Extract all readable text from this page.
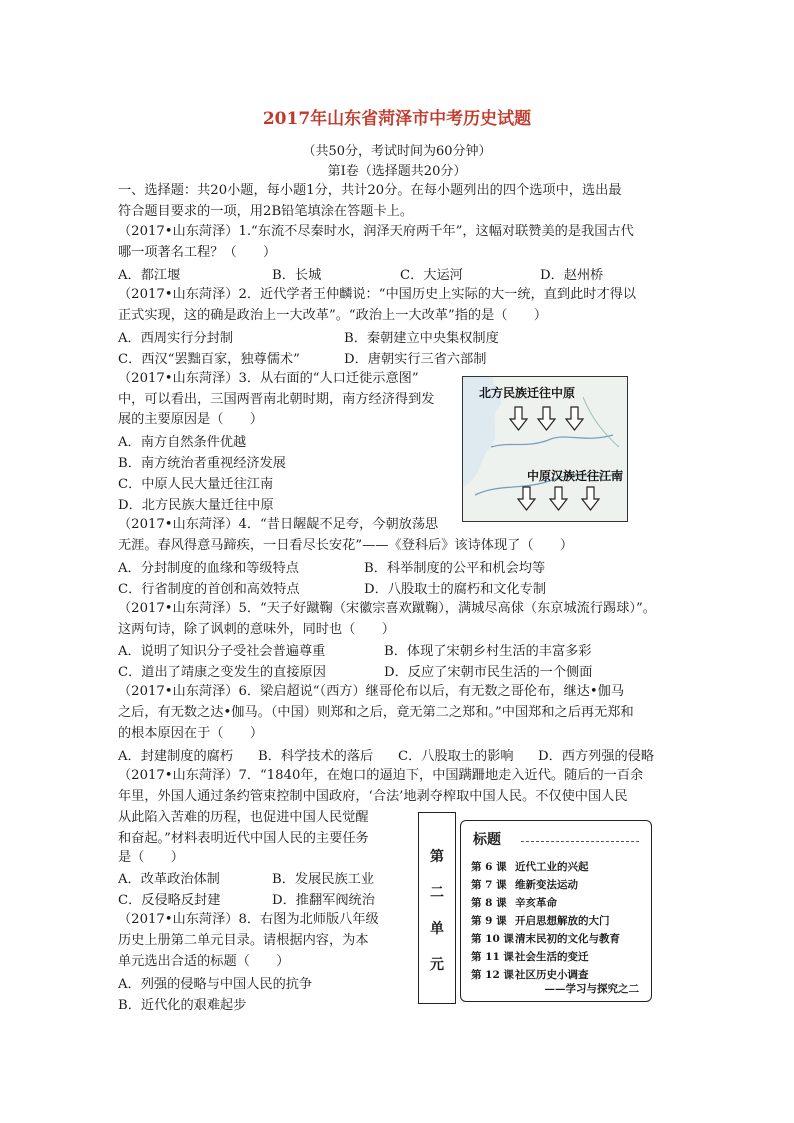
2017年山东省菏泽市中考历史试题
（共50分，考试时间为60分钟）
第Ⅰ卷（选择题共20分）
一、选择题：共20小题，每小题1分，共计20分。在每小题列出的四个选项中，选出最
符合题目要求的一项，用2B铅笔填涂在答题卡上。
（2017•山东菏泽）1.“东流不尽秦时水，润泽天府两千年”，这幅对联赞美的是我国古代
哪一项著名工程？（　　）
A．都江堰	B．长城	C．大运河	D．赵州桥
（2017•山东菏泽）2．近代学者王仲麟说：“中国历史上实际的大一统，直到此时才得以
正式实现，这的确是政治上一大改革”。“政治上一大改革”指的是（　　）
A．西周实行分封制	B．秦朝建立中央集权制度
C．西汉“罢黜百家，独尊儒术”	D．唐朝实行三省六部制
（2017•山东菏泽）3．从右面的“人口迁徙示意图”
中，可以看出，三国两晋南北朝时期，南方经济得到发
展的主要原因是（　　）
A．南方自然条件优越
B．南方统治者重视经济发展
C．中原人民大量迁往江南
D．北方民族大量迁往中原
北方民族迁往中原
中原汉族迁往江南
（2017•山东菏泽）4．“昔日龌龊不足夸，今朝放荡思
无涯。春风得意马蹄疾，一日看尽长安花”——《登科后》该诗体现了（　　）
A．分封制度的血缘和等级特点	B．科举制度的公平和机会均等
C．行省制度的首创和高效特点	D．八股取士的腐朽和文化专制
（2017•山东菏泽）5．“天子好蹴鞠（宋徽宗喜欢蹴鞠），满城尽高俅（东京城流行踢球）”。
这两句诗，除了讽刺的意味外，同时也（　　）
A．说明了知识分子受社会普遍尊重	B．体现了宋朝乡村生活的丰富多彩
C．道出了靖康之变发生的直接原因	D．反应了宋朝市民生活的一个侧面
（2017•山东菏泽）6．梁启超说“（西方）继哥伦布以后，有无数之哥伦布，继达•伽马
之后，有无数之达•伽马。（中国）则郑和之后，竟无第二之郑和。”中国郑和之后再无郑和
的根本原因在于（　　）
A．封建制度的腐朽 B．科学技术的落后 C．八股取士的影响 D．西方列强的侵略
（2017•山东菏泽）7．“1840年，在炮口的逼迫下，中国蹒跚地走入近代。随后的一百余
年里，外国人通过条约管束控制中国政府，‘合法’地剥夺榨取中国人民。不仅使中国人民
从此陷入苦难的历程，也促进中国人民觉醒
和奋起。”材料表明近代中国人民的主要任务
是（　　）
A．改革政治体制	B．发展民族工业
C．反侵略反封建	D．推翻军阀统治
（2017•山东菏泽）8．右图为北师版八年级
历史上册第二单元目录。请根据内容，为本
单元选出合适的标题（　　）
A．列强的侵略与中国人民的抗争
B．近代化的艰难起步
第
二
单
元
标题
第 6 课 近代工业的兴起
第 7 课 维新变法运动
第 8 课 辛亥革命
第 9 课 开启思想解放的大门
第 10 课清末民初的文化与教育
第 11 课社会生活的变迁
第 12 课社区历史小调查
——学习与探究之二
